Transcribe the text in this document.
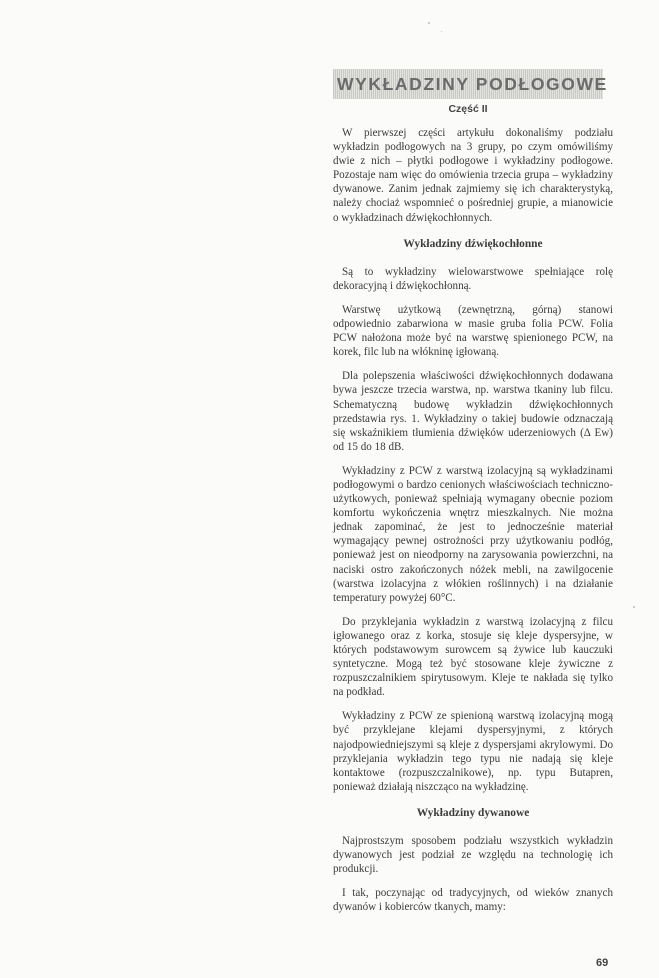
WYKŁADZINY PODŁOGOWE
Część II

W pierwszej części artykułu dokonaliśmy podziału wykładzin podłogowych na 3 grupy, po czym omówiliśmy dwie z nich – płytki podłogowe i wykładziny podłogowe. Pozostaje nam więc do omówienia trzecia grupa – wykładziny dywanowe. Zanim jednak zajmiemy się ich charakterystyką, należy chociaż wspomnieć o pośredniej grupie, a mianowicie o wykładzinach dźwiękochłonnych.

Wykładziny dźwiękochłonne

Są to wykładziny wielowarstwowe spełniające rolę dekoracyjną i dźwiękochłonną.

Warstwę użytkową (zewnętrzną, górną) stanowi odpowiednio zabarwiona w masie gruba folia PCW. Folia PCW nałożona może być na warstwę spienionego PCW, na korek, filc lub na włókninę igłowaną.

Dla polepszenia właściwości dźwiękochłonnych dodawana bywa jeszcze trzecia warstwa, np. warstwa tkaniny lub filcu. Schematyczną budowę wykładzin dźwiękochłonnych przedstawia rys. 1. Wykładziny o takiej budowie odznaczają się wskaźnikiem tłumienia dźwięków uderzeniowych (Δ Ew) od 15 do 18 dB.

Wykładziny z PCW z warstwą izolacyjną są wykładzinami podłogowymi o bardzo cenionych właściwościach techniczno-użytkowych, ponieważ spełniają wymagany obecnie poziom komfortu wykończenia wnętrz mieszkalnych. Nie można jednak zapominać, że jest to jednocześnie materiał wymagający pewnej ostrożności przy użytkowaniu podłóg, ponieważ jest on nieodporny na zarysowania powierzchni, na naciski ostro zakończonych nóżek mebli, na zawilgocenie (warstwa izolacyjna z włókien roślinnych) i na działanie temperatury powyżej 60°C.

Do przyklejania wykładzin z warstwą izolacyjną z filcu igłowanego oraz z korka, stosuje się kleje dyspersyjne, w których podstawowym surowcem są żywice lub kauczuki syntetyczne. Mogą też być stosowane kleje żywiczne z rozpuszczalnikiem spirytusowym. Kleje te nakłada się tylko na podkład.

Wykładziny z PCW ze spienioną warstwą izolacyjną mogą być przyklejane klejami dyspersyjnymi, z których najodpowiedniejszymi są kleje z dyspersjami akrylowymi. Do przyklejania wykładzin tego typu nie nadają się kleje kontaktowe (rozpuszczalnikowe), np. typu Butapren, ponieważ działają niszcząco na wykładzinę.

Wykładziny dywanowe

Najprostszym sposobem podziału wszystkich wykładzin dywanowych jest podział ze względu na technologię ich produkcji.

I tak, poczynając od tradycyjnych, od wieków znanych dywanów i kobierców tkanych, mamy:

69
